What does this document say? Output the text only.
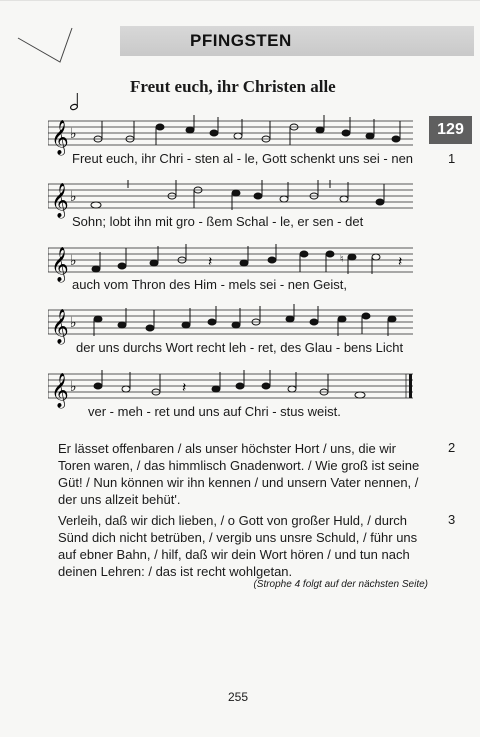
PFINGSTEN
Freut euch, ihr Christen alle
129
𝄞 ♭
Freut euch, ihr Chri - sten al - le, Gott schenkt uns sei - nen	1
𝄞 ♭
Sohn; lobt ihn mit gro - ßem Schal - le, er sen - det
𝄞 ♭	𝄽	𝄽
♮
auch vom Thron des Him - mels sei - nen Geist,
𝄞 ♭
der uns durchs Wort recht leh - ret, des Glau - bens Licht
𝄞 ♭	𝄽
ver - meh - ret und uns auf Chri - stus weist.
2

Er lässet offenbaren / als unser höchster Hort / uns, die wir

Toren waren, / das himmlisch Gnadenwort. / Wie groß ist seine

Güt! / Nun können wir ihn kennen / und unsern Vater nennen, /

der uns allzeit behüt'.

3

Verleih, daß wir dich lieben, / o Gott von großer Huld, / durch

Sünd dich nicht betrüben, / vergib uns unsre Schuld, / führ uns

auf ebner Bahn, / hilf, daß wir dein Wort hören / und tun nach

deinen Lehren: / das ist recht wohlgetan.

(Strophe 4 folgt auf der nächsten Seite)
255
